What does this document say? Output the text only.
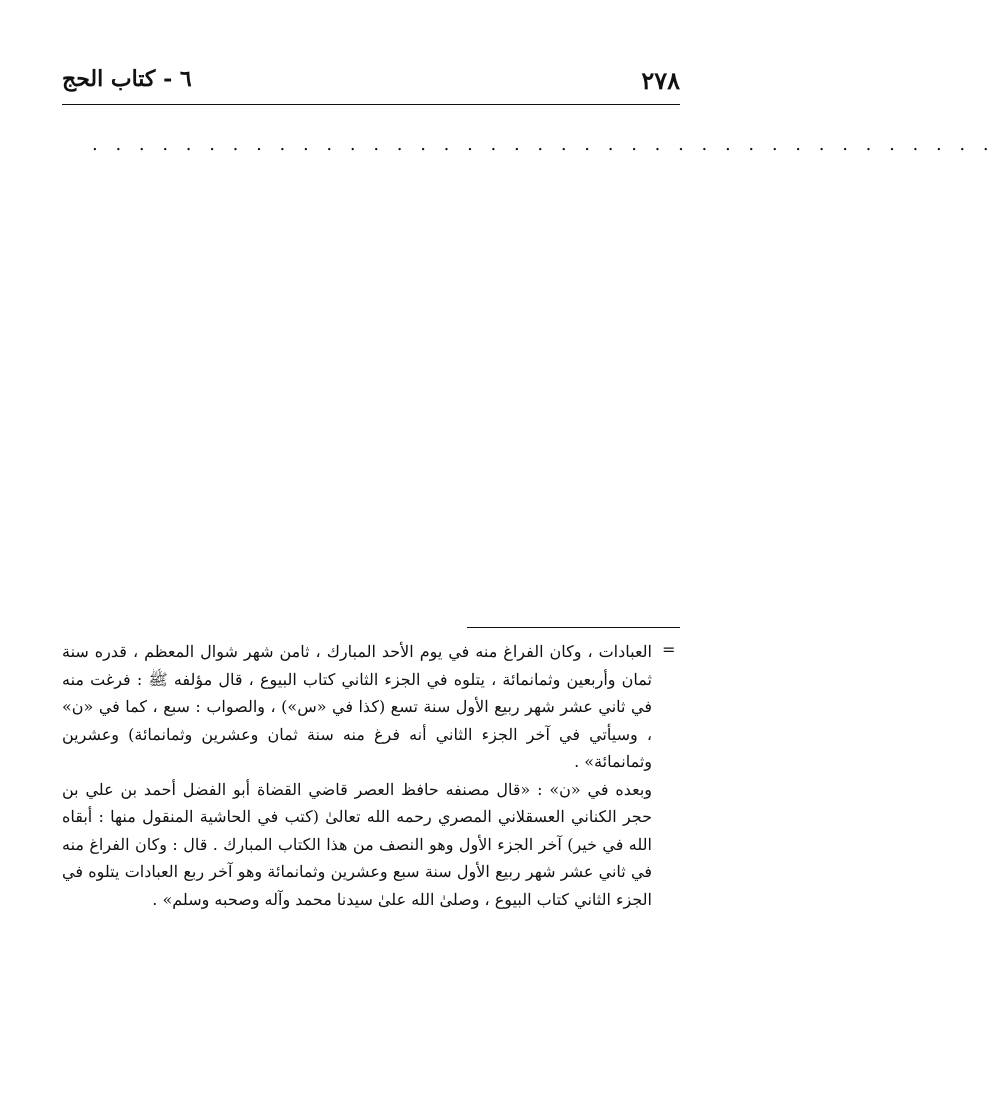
٢٧٨
٦ - كتاب الحج
. . . . . . . . . . . . . . . . . . . . . . . . . . . . . . . . . . . . . . .
=

العبادات ، وكان الفراغ منه في يوم الأحد المبارك ، ثامن شهر شوال المعظم ، قدره سنة ثمان وأربعين وثمانمائة ، يتلوه في الجزء الثاني كتاب البيوع ، قال مؤلفه ﷺ : فرغت منه في ثاني عشر شهر ربيع الأول سنة تسع (كذا في «س») ، والصواب : سبع ، كما في «ن» ، وسيأتي في آخر الجزء الثاني أنه فرغ منه سنة ثمان وعشرين وثمانمائة) وعشرين وثمانمائة» .

وبعده في «ن» : «قال مصنفه حافظ العصر قاضي القضاة أبو الفضل أحمد بن علي بن حجر الكناني العسقلاني المصري رحمه الله تعالىٰ (كتب في الحاشية المنقول منها : أبقاه الله في خير) آخر الجزء الأول وهو النصف من هذا الكتاب المبارك . قال : وكان الفراغ منه في ثاني عشر شهر ربيع الأول سنة سبع وعشرين وثمانمائة وهو آخر ربع العبادات يتلوه في الجزء الثاني كتاب البيوع ، وصلىٰ الله علىٰ سيدنا محمد وآله وصحبه وسلم» .
